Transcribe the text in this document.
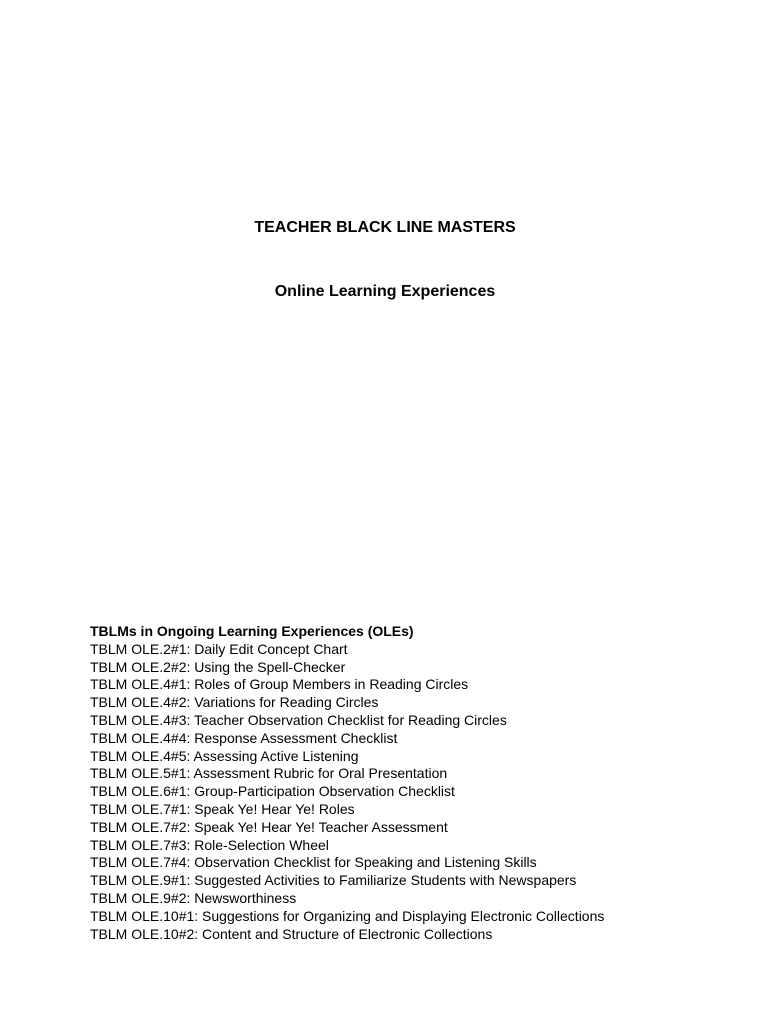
TEACHER BLACK LINE MASTERS
Online Learning Experiences
TBLMs in Ongoing Learning Experiences (OLEs)
TBLM OLE.2#1: Daily Edit Concept Chart
TBLM OLE.2#2: Using the Spell-Checker
TBLM OLE.4#1: Roles of Group Members in Reading Circles
TBLM OLE.4#2: Variations for Reading Circles
TBLM OLE.4#3: Teacher Observation Checklist for Reading Circles
TBLM OLE.4#4: Response Assessment Checklist
TBLM OLE.4#5: Assessing Active Listening
TBLM OLE.5#1: Assessment Rubric for Oral Presentation
TBLM OLE.6#1: Group-Participation Observation Checklist
TBLM OLE.7#1: Speak Ye! Hear Ye! Roles
TBLM OLE.7#2: Speak Ye! Hear Ye! Teacher Assessment
TBLM OLE.7#3: Role-Selection Wheel
TBLM OLE.7#4: Observation Checklist for Speaking and Listening Skills
TBLM OLE.9#1: Suggested Activities to Familiarize Students with Newspapers
TBLM OLE.9#2: Newsworthiness
TBLM OLE.10#1: Suggestions for Organizing and Displaying Electronic Collections
TBLM OLE.10#2: Content and Structure of Electronic Collections
